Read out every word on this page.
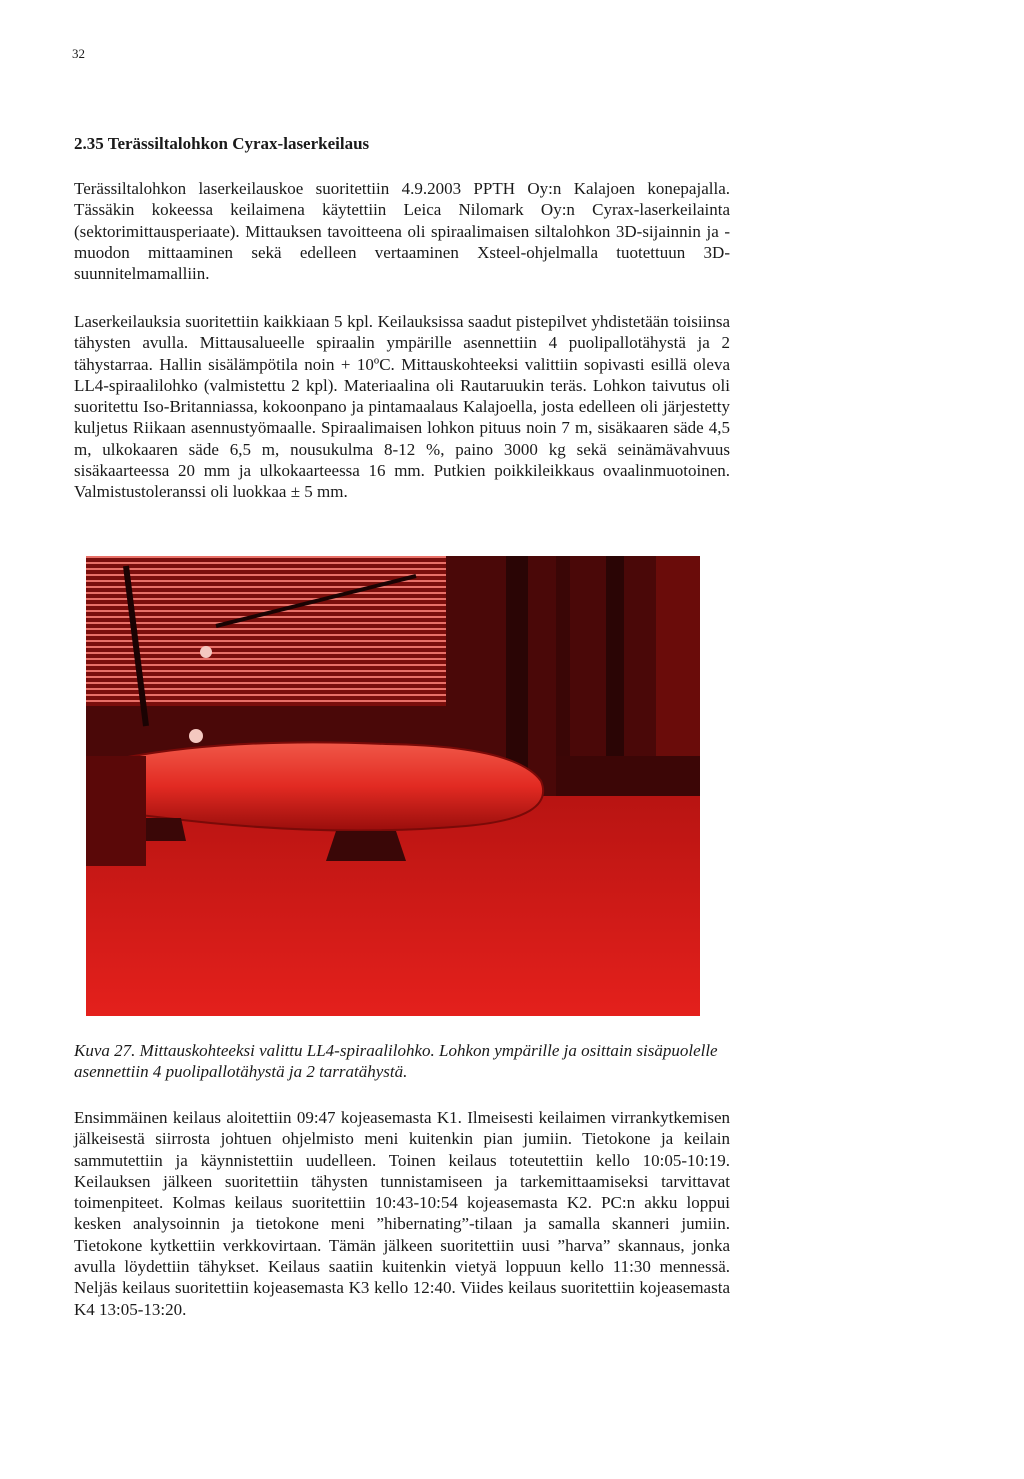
32
2.35 Terässiltalohkon Cyrax-laserkeilaus

Terässiltalohkon laserkeilauskoe suoritettiin 4.9.2003 PPTH Oy:n Kalajoen konepajalla. Tässäkin kokeessa keilaimena käytettiin Leica Nilomark Oy:n Cyrax-laserkeilainta (sektorimittausperiaate). Mittauksen tavoitteena oli spiraalimaisen siltalohkon 3D-sijainnin ja -muodon mittaaminen sekä edelleen vertaaminen Xsteel-ohjelmalla tuotettuun 3D-suunnitelmamalliin.

Laserkeilauksia suoritettiin kaikkiaan 5 kpl. Keilauksissa saadut pistepilvet yhdistetään toisiinsa tähysten avulla. Mittausalueelle spiraalin ympärille asennettiin 4 puolipallotähystä ja 2 tähystarraa. Hallin sisälämpötila noin + 10ºC. Mittauskohteeksi valittiin sopivasti esillä oleva LL4-spiraalilohko (valmistettu 2 kpl). Materiaalina oli Rautaruukin teräs. Lohkon taivutus oli suoritettu Iso-Britanniassa, kokoonpano ja pintamaalaus Kalajoella, josta edelleen oli järjestetty kuljetus Riikaan asennustyömaalle. Spiraalimaisen lohkon pituus noin 7 m, sisäkaaren säde 4,5 m, ulkokaaren säde 6,5 m, nousukulma 8-12 %, paino 3000 kg sekä seinämävahvuus sisäkaarteessa 20 mm ja ulkokaarteessa 16 mm. Putkien poikkileikkaus ovaalinmuotoinen. Valmistustoleranssi oli luokkaa ± 5 mm.

Kuva 27. Mittauskohteeksi valittu LL4-spiraalilohko. Lohkon ympärille ja osittain sisäpuolelle asennettiin 4 puolipallotähystä ja 2 tarratähystä.

Ensimmäinen keilaus aloitettiin 09:47 kojeasemasta K1. Ilmeisesti keilaimen virrankytkemisen jälkeisestä siirrosta johtuen ohjelmisto meni kuitenkin pian jumiin. Tietokone ja keilain sammutettiin ja käynnistettiin uudelleen. Toinen keilaus toteutettiin kello 10:05-10:19. Keilauksen jälkeen suoritettiin tähysten tunnistamiseen ja tarkemittaamiseksi tarvittavat toimenpiteet. Kolmas keilaus suoritettiin 10:43-10:54 kojeasemasta K2. PC:n akku loppui kesken analysoinnin ja tietokone meni ”hibernating”-tilaan ja samalla skanneri jumiin. Tietokone kytkettiin verkkovirtaan. Tämän jälkeen suoritettiin uusi ”harva” skannaus, jonka avulla löydettiin tähykset. Keilaus saatiin kuitenkin vietyä loppuun kello 11:30 mennessä. Neljäs keilaus suoritettiin kojeasemasta K3 kello 12:40. Viides keilaus suoritettiin kojeasemasta K4 13:05-13:20.
